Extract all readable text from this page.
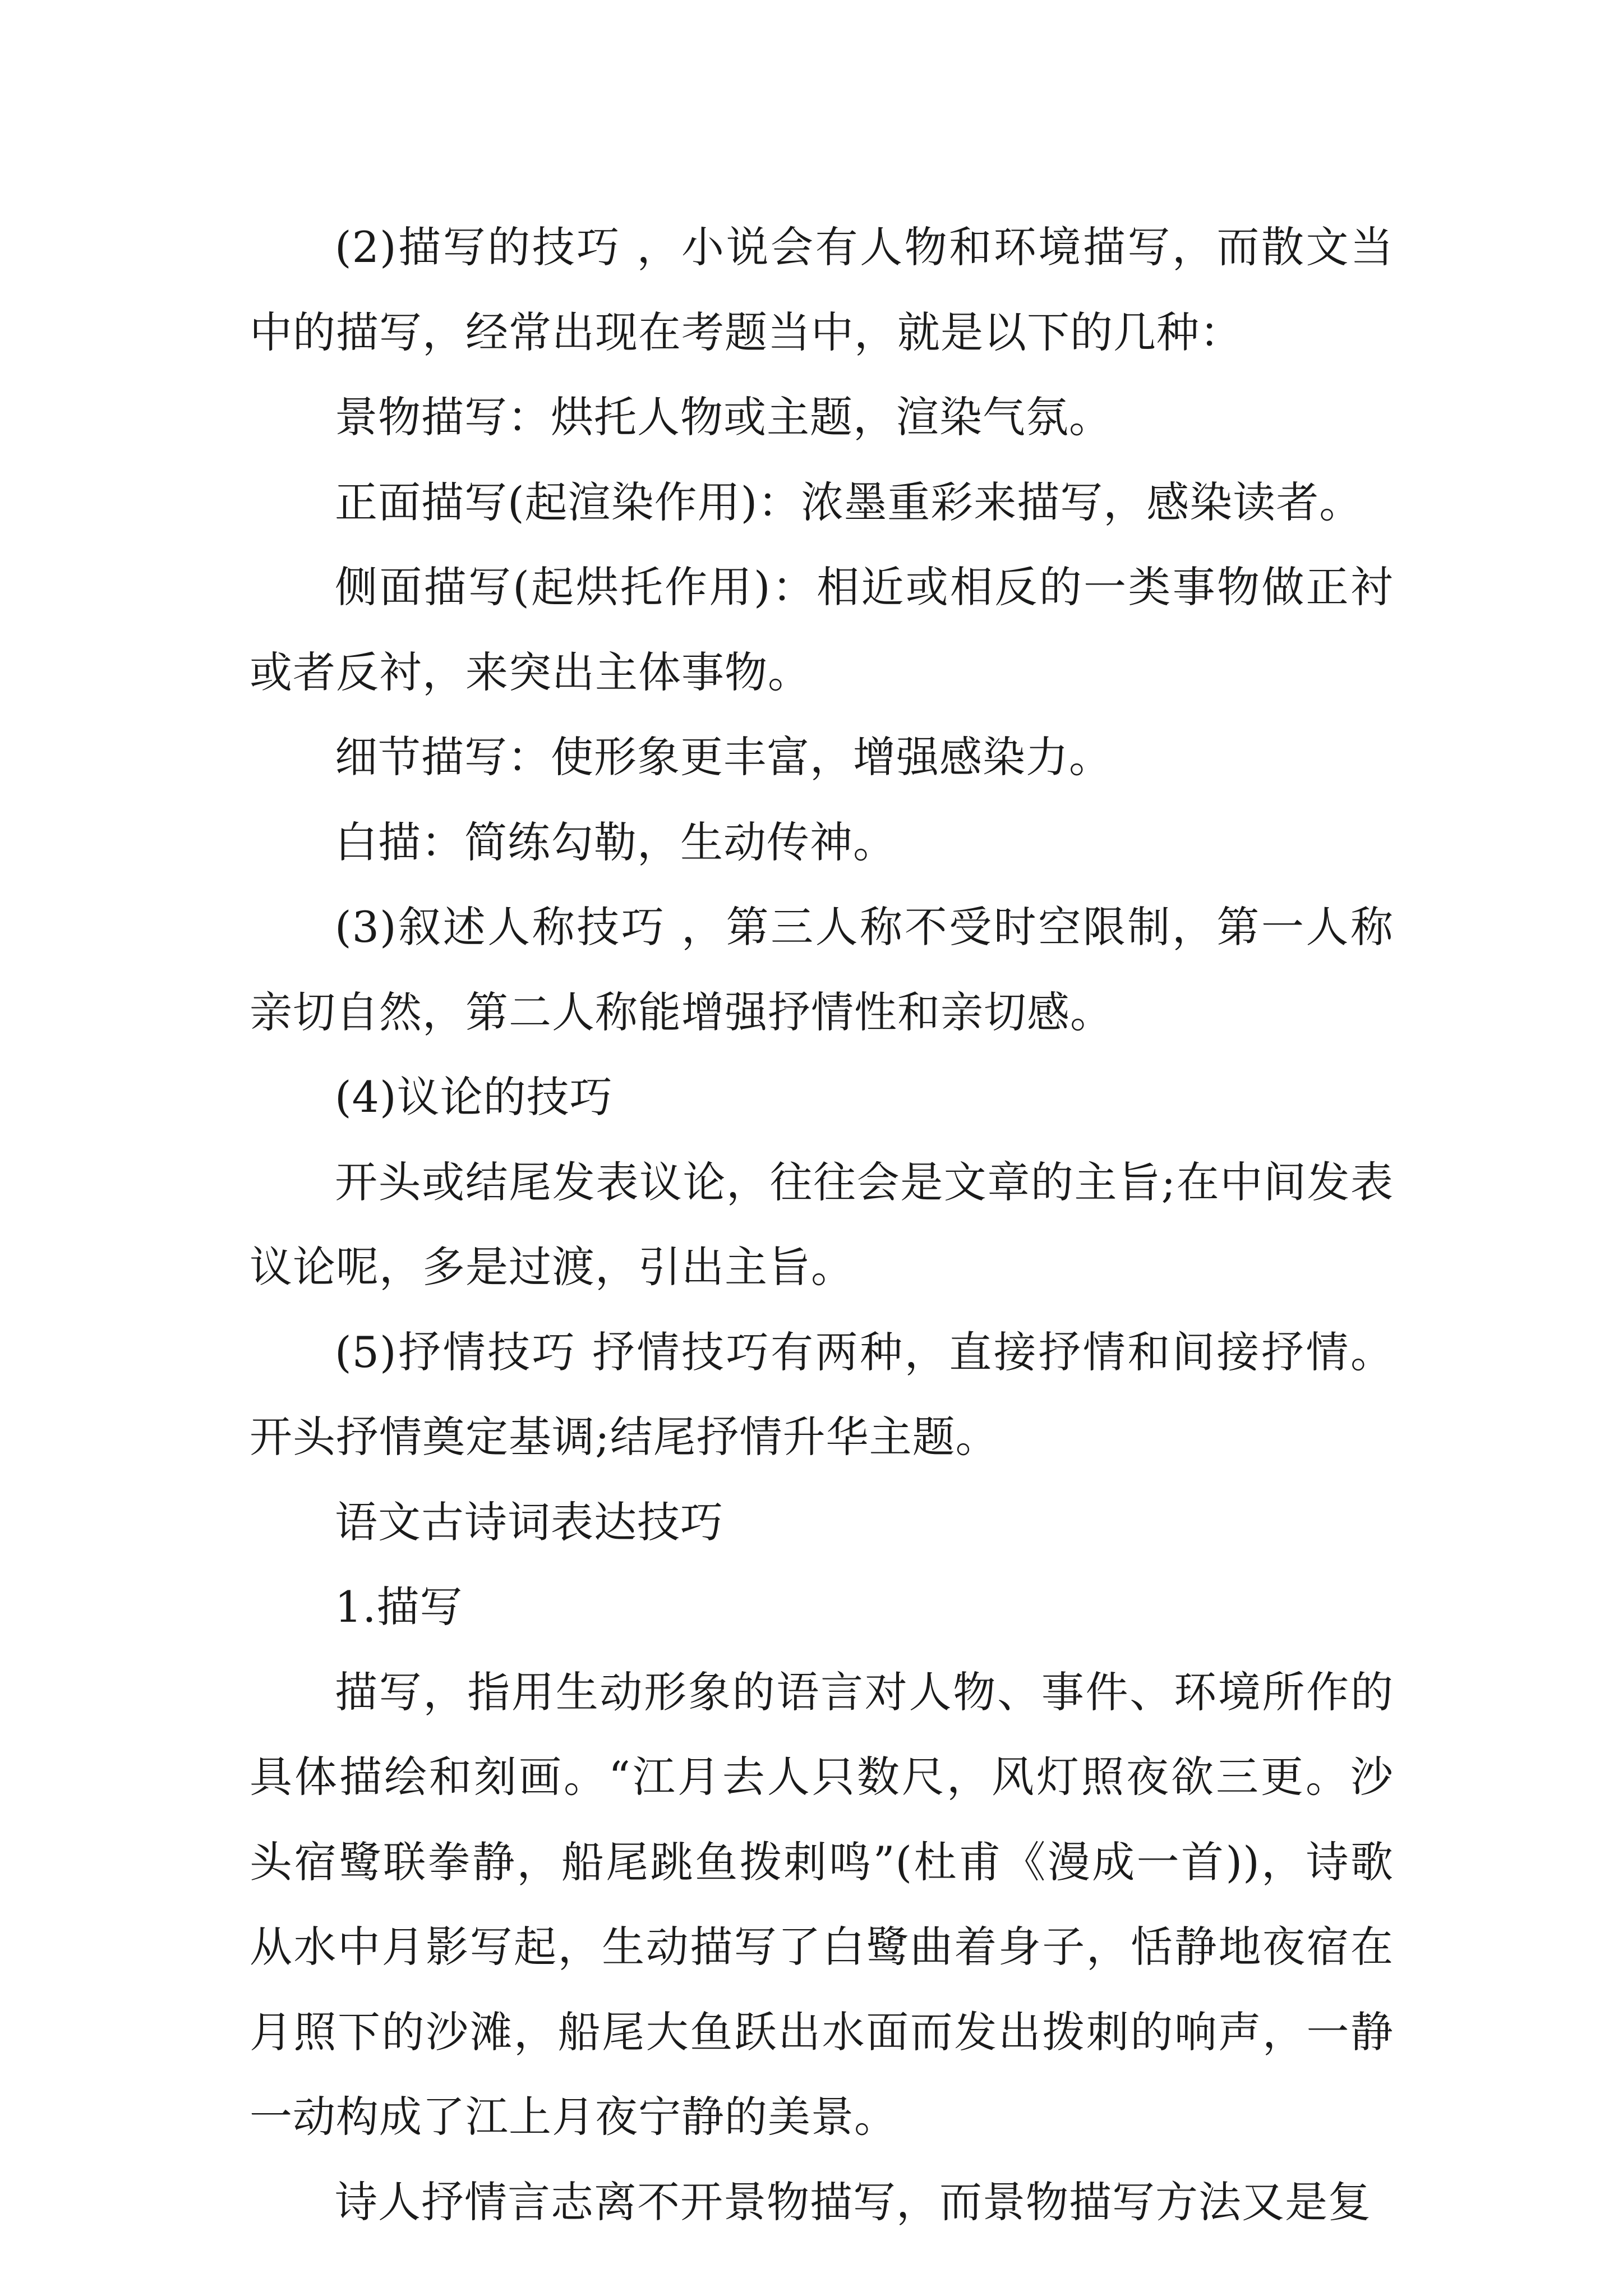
(2)描写的技巧 ，小说会有人物和环境描写，而散文当中的描写，经常出现在考题当中，就是以下的几种：

景物描写：烘托人物或主题，渲染气氛。

正面描写(起渲染作用)：浓墨重彩来描写，感染读者。

侧面描写(起烘托作用)：相近或相反的一类事物做正衬或者反衬，来突出主体事物。

细节描写：使形象更丰富，增强感染力。

白描：简练勾勒，生动传神。

(3)叙述人称技巧 ，第三人称不受时空限制，第一人称亲切自然，第二人称能增强抒情性和亲切感。

(4)议论的技巧

开头或结尾发表议论，往往会是文章的主旨;在中间发表议论呢，多是过渡，引出主旨。

(5)抒情技巧 抒情技巧有两种，直接抒情和间接抒情。开头抒情奠定基调;结尾抒情升华主题。

语文古诗词表达技巧

1.描写

描写，指用生动形象的语言对人物、事件、环境所作的具体描绘和刻画。“江月去人只数尺，风灯照夜欲三更。沙头宿鹭联拳静，船尾跳鱼拨剌鸣”(杜甫《漫成一首))，诗歌从水中月影写起，生动描写了白鹭曲着身子，恬静地夜宿在月照下的沙滩，船尾大鱼跃出水面而发出拨刺的响声，一静一动构成了江上月夜宁静的美景。

诗人抒情言志离不开景物描写，而景物描写方法又是复
